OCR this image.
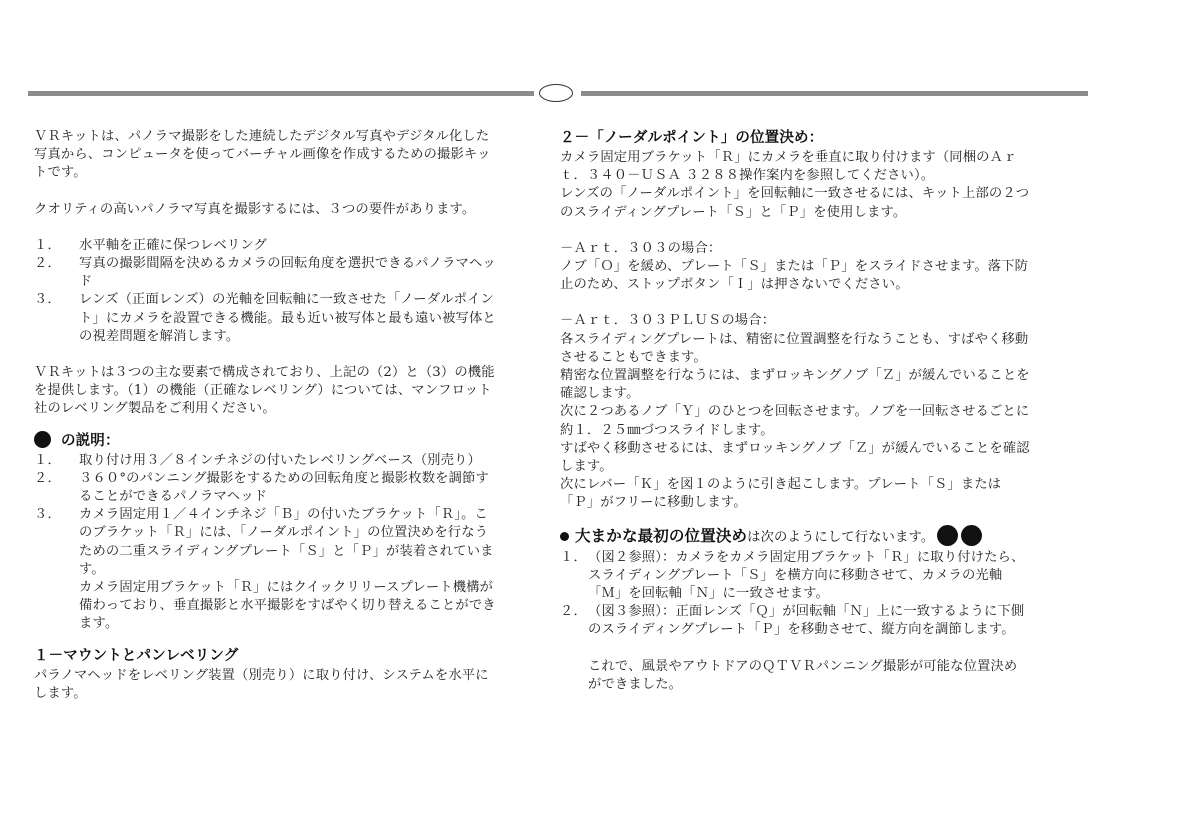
ＶＲキットは、パノラマ撮影をした連続したデジタル写真やデジタル化した写真から、コンピュータを使ってバーチャル画像を作成するための撮影キットです。

クオリティの高いパノラマ写真を撮影するには、３つの要件があります。

１．	水平軸を正確に保つレベリング
２．	写真の撮影間隔を決めるカメラの回転角度を選択できるパノラマヘッド
３．	レンズ（正面レンズ）の光軸を回転軸に一致させた「ノーダルポイント」にカメラを設置できる機能。最も近い被写体と最も遠い被写体との視差問題を解消します。

ＶＲキットは３つの主な要素で構成されており、上記の（2）と（3）の機能を提供します。（1）の機能（正確なレベリング）については、マンフロット社のレベリング製品をご利用ください。

の説明：
１．	取り付け用３／８インチネジの付いたレベリングベース（別売り）
２．	３６０°のパンニング撮影をするための回転角度と撮影枚数を調節することができるパノラマヘッド
３．	カメラ固定用１／４インチネジ「Ｂ」の付いたブラケット「Ｒ」。このブラケット「Ｒ」には、「ノーダルポイント」の位置決めを行なうための二重スライディングプレート「Ｓ」と「Ｐ」が装着されています。

カメラ固定用ブラケット「Ｒ」にはクイックリリースプレート機構が備わっており、垂直撮影と水平撮影をすばやく切り替えることができます。

１－マウントとパンレベリング

パラノマヘッドをレベリング装置（別売り）に取り付け、システムを水平にします。

２－「ノーダルポイント」の位置決め：

カメラ固定用ブラケット「Ｒ」にカメラを垂直に取り付けます（同梱のＡｒｔ．３４０－ＵＳＡ ３２８８操作案内を参照してください）。

レンズの「ノーダルポイント」を回転軸に一致させるには、キット上部の２つのスライディングプレート「Ｓ」と「Ｐ」を使用します。

－Ａｒｔ．３０３の場合：

ノブ「Ｏ」を緩め、プレート「Ｓ」または「Ｐ」をスライドさせます。落下防止のため、ストップボタン「Ｉ」は押さないでください。

－Ａｒｔ．３０３ＰＬＵＳの場合：

各スライディングプレートは、精密に位置調整を行なうことも、すばやく移動させることもできます。

精密な位置調整を行なうには、まずロッキングノブ「Ｚ」が緩んでいることを確認します。

次に２つあるノブ「Ｙ」のひとつを回転させます。ノブを一回転させるごとに約１．２５㎜づつスライドします。

すばやく移動させるには、まずロッキングノブ「Ｚ」が緩んでいることを確認します。

次にレバー「Ｋ」を図１のように引き起こします。プレート「Ｓ」または「Ｐ」がフリーに移動します。

大まかな最初の位置決めは次のようにして行ないます。
１． （図２参照）：カメラをカメラ固定用ブラケット「Ｒ」に取り付けたら、スライディングプレート「Ｓ」を横方向に移動させて、カメラの光軸「Ｍ」を回転軸「Ｎ」に一致させます。
２． （図３参照）：正面レンズ「Ｑ」が回転軸「Ｎ」上に一致するように下側のスライディングプレート「Ｐ」を移動させて、縦方向を調節します。

これで、風景やアウトドアのＱＴＶＲパンニング撮影が可能な位置決めができました。
